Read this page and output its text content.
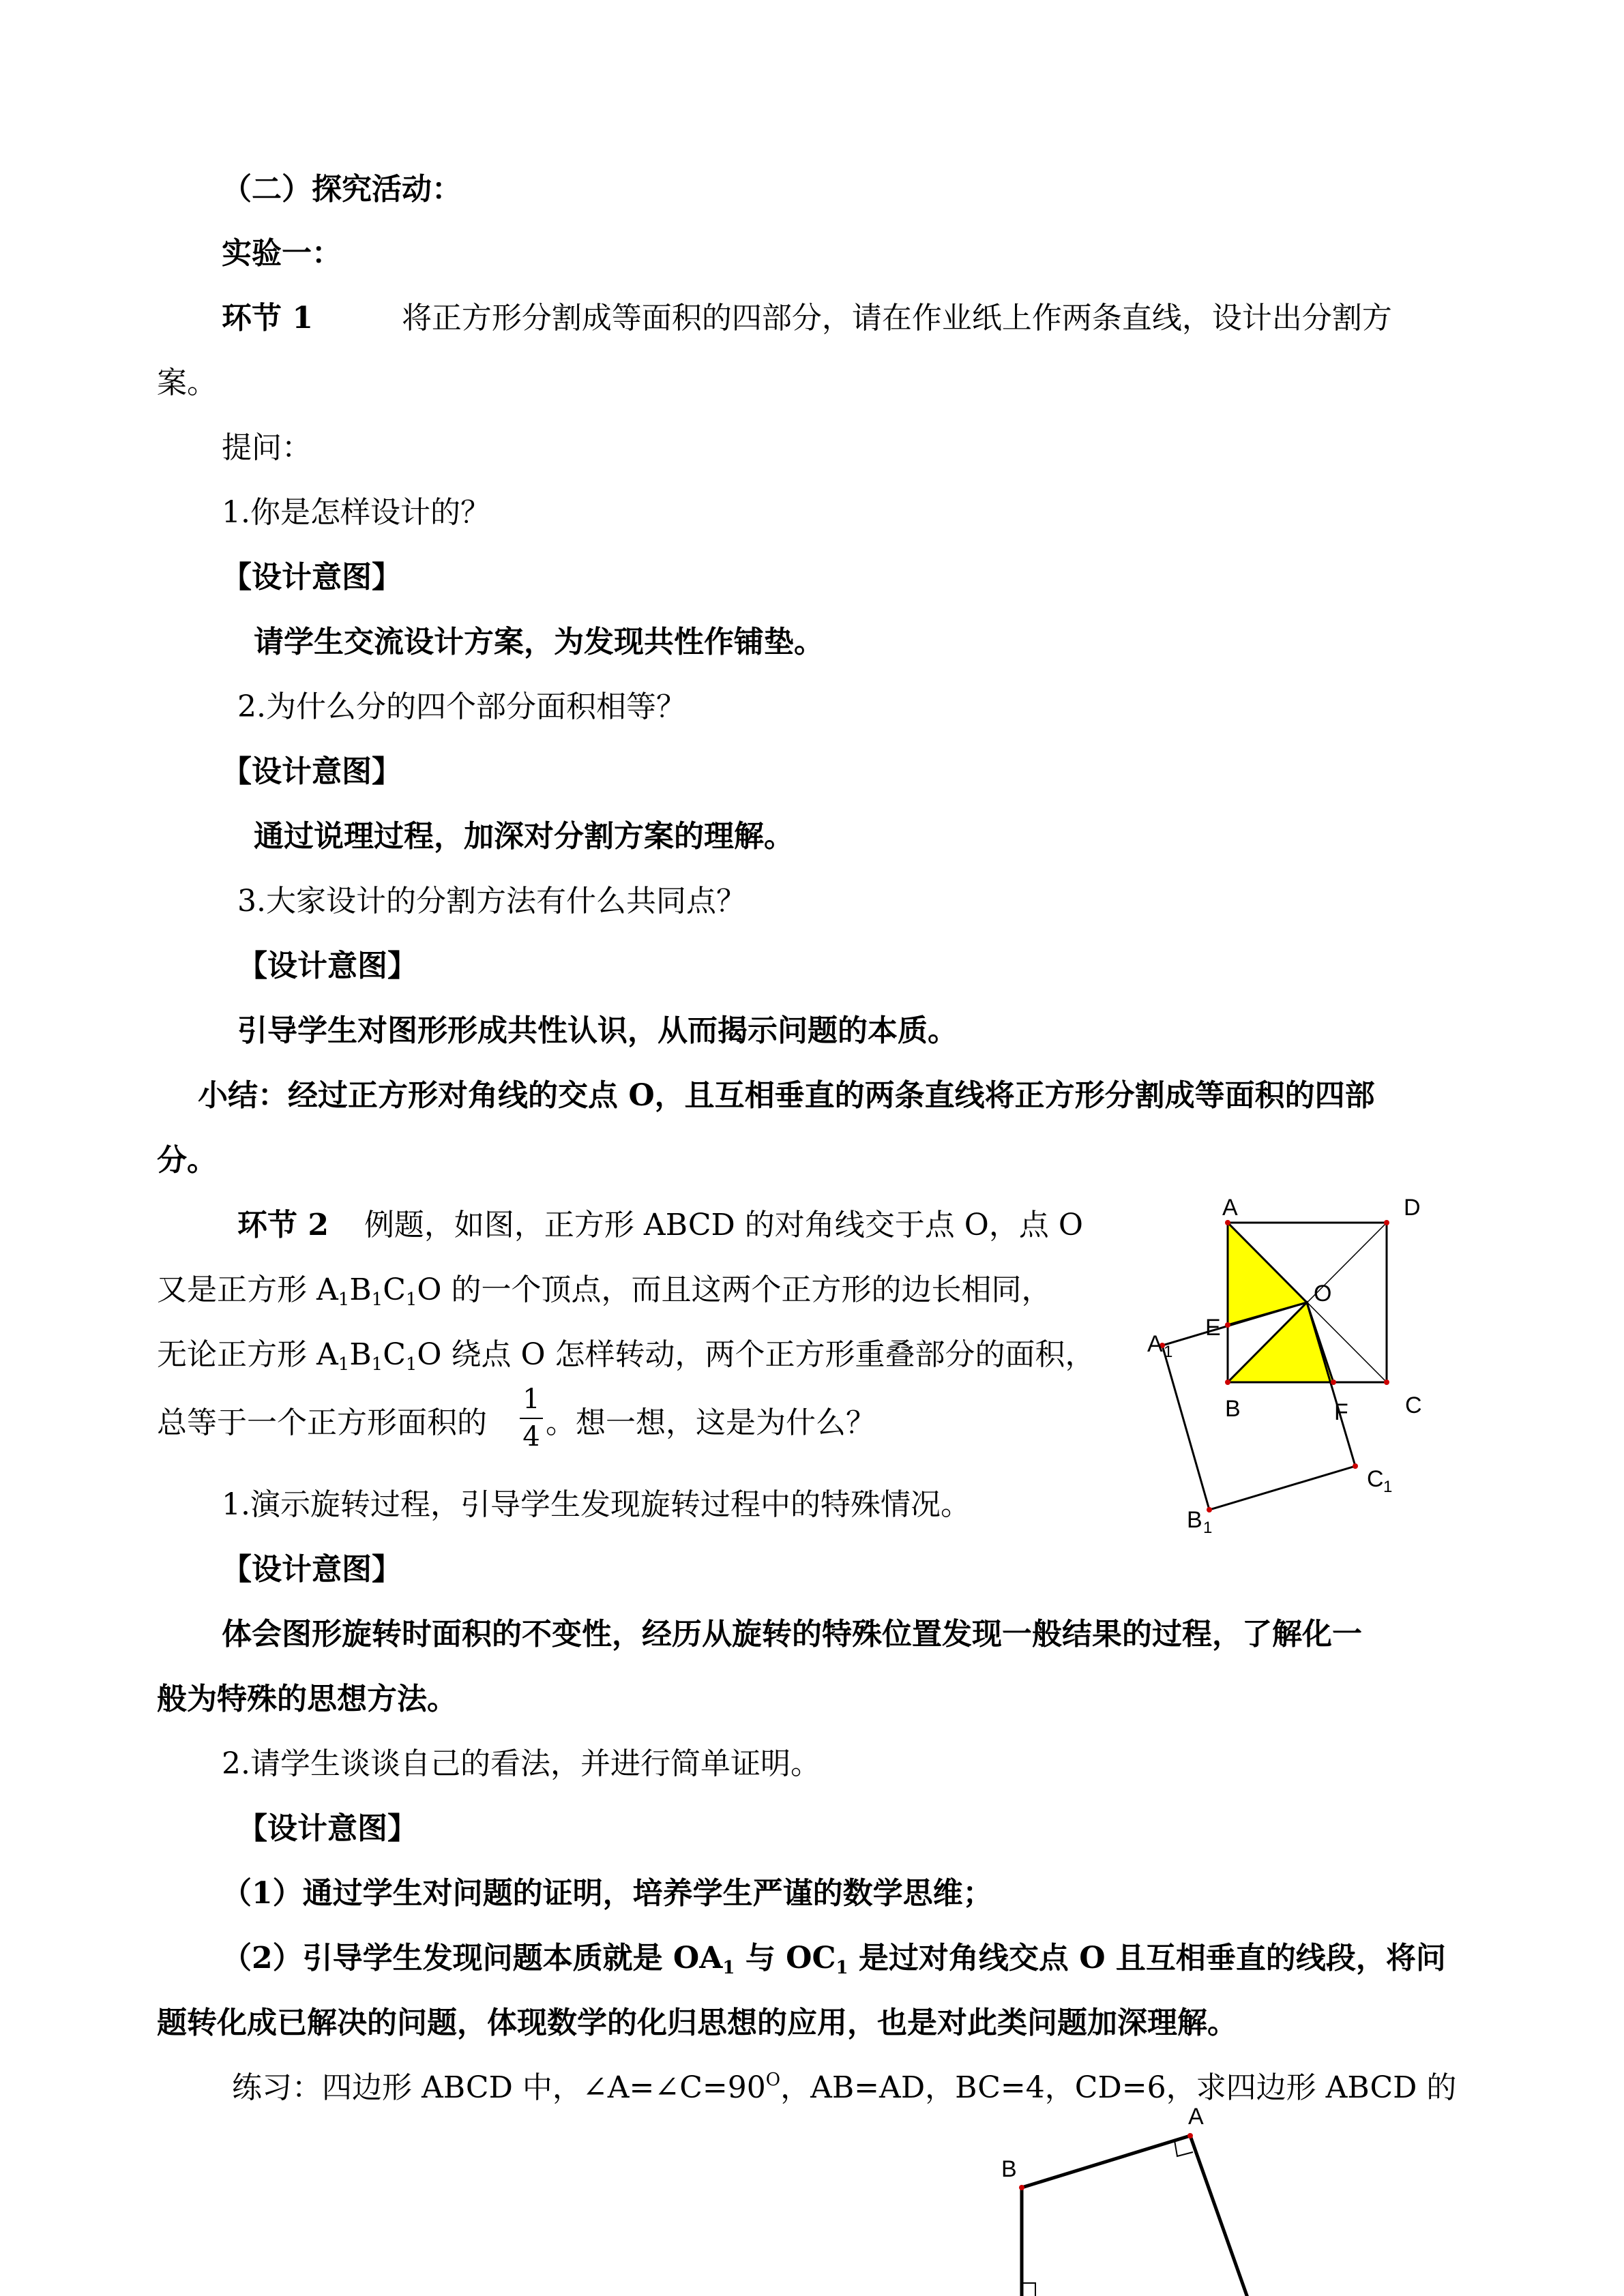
（二）探究活动：
实验一：
环节 1	将正方形分割成等面积的四部分，请在作业纸上作两条直线，设计出分割方
案。
提问：
1.你是怎样设计的？
【设计意图】
请学生交流设计方案，为发现共性作铺垫。
2.为什么分的四个部分面积相等？
【设计意图】
通过说理过程，加深对分割方案的理解。
3.大家设计的分割方法有什么共同点？
【设计意图】
引导学生对图形形成共性认识，从而揭示问题的本质。
小结：经过正方形对角线的交点 O，且互相垂直的两条直线将正方形分割成等面积的四部
分。
环节 2 例题，如图，正方形 ABCD 的对角线交于点 O，点 O
又是正方形 $A_1B_1C_1O$ 的一个顶点，而且这两个正方形的边长相同，
无论正方形 $A_1B_1C_1O$ 绕点 O 怎样转动，两个正方形重叠部分的面积，
总等于一个正方形面积的
1
4 。想一想，这是为什么？
1.演示旋转过程，引导学生发现旋转过程中的特殊情况。
【设计意图】
体会图形旋转时面积的不变性，经历从旋转的特殊位置发现一般结果的过程，了解化一
般为特殊的思想方法。
2.请学生谈谈自己的看法，并进行简单证明。
【设计意图】
（1）通过学生对问题的证明，培养学生严谨的数学思维；
（2）引导学生发现问题本质就是 $OA_1$ 与 $OC_1$ 是过对角线交点 O 且互相垂直的线段，将问
题转化成已解决的问题，体现数学的化归思想的应用，也是对此类问题加深理解。
练习：四边形 ABCD 中，$\angle A=\angle C=90^O$，AB=AD，BC=4，CD=6，求四边形 ABCD 的
A	D
O
E
A 1
B	F C
C 1
B 1
A
B
